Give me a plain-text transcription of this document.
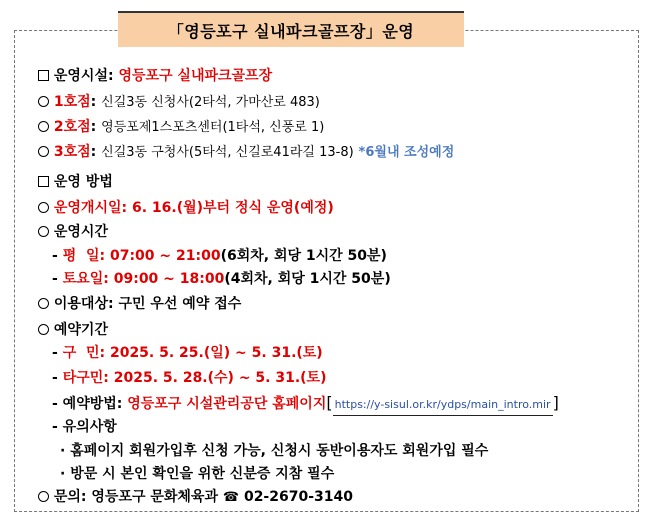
「영등포구 실내파크골프장」운영
운영시설: 영등포구 실내파크골프장
1호점: 신길3동 신청사(2타석, 가마산로 483)
2호점: 영등포제1스포츠센터(1타석, 신풍로 1)
3호점: 신길3동 구청사(5타석, 신길로41라길 13-8) *6월내 조성예정
운영 방법
운영개시일: 6. 16.(월)부터 정식 운영(예정)
운영시간
- 평  일: 07:00 ~ 21:00(6회차, 회당 1시간 50분)
- 토요일: 09:00 ~ 18:00(4회차, 회당 1시간 50분)
이용대상: 구민 우선 예약 접수
예약기간
- 구  민: 2025. 5. 25.(일) ~ 5. 31.(토)
- 타구민: 2025. 5. 28.(수) ~ 5. 31.(토)
- 예약방법: 영등포구 시설관리공단 홈페이지[ https://y-sisul.or.kr/ydps/main_intro.mir ]
- 유의사항
· 홈페이지 회원가입후 신청 가능, 신청시 동반이용자도 회원가입 필수
· 방문 시 본인 확인을 위한 신분증 지참 필수
문의: 영등포구 문화체육과 ☎ 02-2670-3140
